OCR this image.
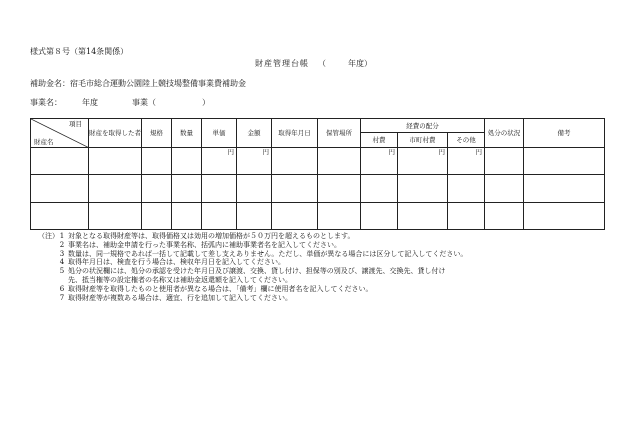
様式第８号（第14条関係）
財産管理台帳 （	年度）
補助金名：宿毛市総合運動公園陸上競技場整備事業費補助金
事業名：	年度	事業（	）
項目
財産名	財産を取得した者	規格	数量	単価	金額	取得年月日	保管場所	経費の配分			処分の状況	備考
								村費	市町村費	その他		
				円	円			円	円	円		

（注） 1 対象となる取得財産等は、取得価格又は効用の増加価格が５０万円を超えるものとします。
2 事業名は、補助金申請を行った事業名称、括弧内に補助事業者名を記入してください。
3 数量は、同一規格であれば一括して記載して差し支えありません。ただし、単価が異なる場合には区分して記入してください。
4 取得年月日は、検査を行う場合は、検収年月日を記入してください。
5 処分の状況欄には、処分の承認を受けた年月日及び譲渡、交換、貸し付け、担保等の別及び、譲渡先、交換先、貸し付け
先、抵当権等の設定権者の名称又は補助金返還額を記入してください。
6 取得財産等を取得したものと使用者が異なる場合は、「備考」欄に使用者名を記入してください。
7 取得財産等が複数ある場合は、適宜、行を追加して記入してください。
